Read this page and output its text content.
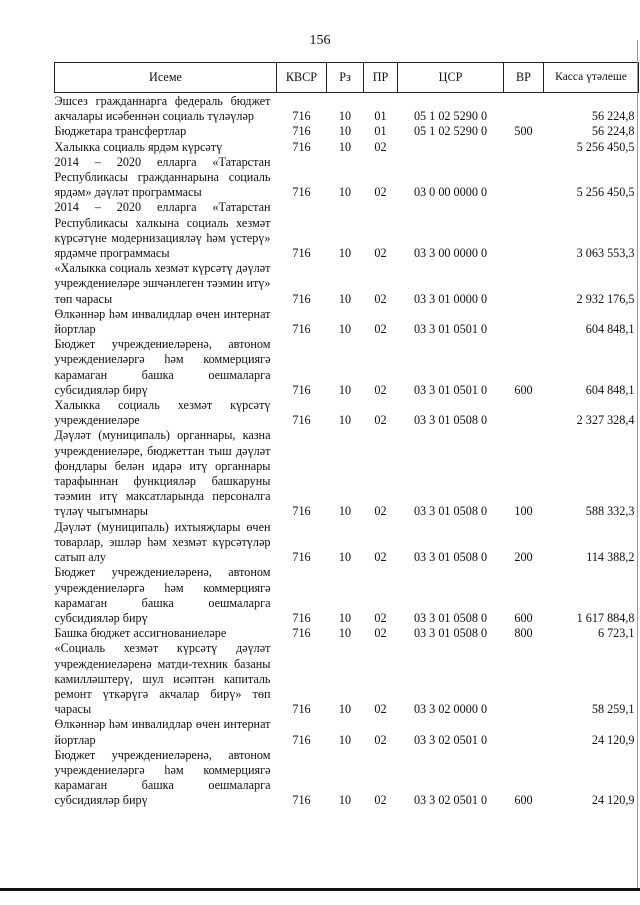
156
Исеме	КВСР	Рз	ПР	ЦСР	ВР	Касса үтәлеше
Эшсез гражданнарга федераль бюджет акчалары исәбеннән социаль түләүләр	716	10	01	05 1 02 5290 0		56 224,8
Бюджетара трансфертлар	716	10	01	05 1 02 5290 0	500	56 224,8
Халыкка социаль ярдәм күрсәтү	716	10	02			5 256 450,5
2014 – 2020 елларга «Татарстан Республикасы гражданнарына социаль ярдәм» дәүләт программасы	716	10	02	03 0 00 0000 0		5 256 450,5
2014 – 2020 елларга «Татарстан Республикасы халкына социаль хезмәт күрсәтүне модернизацияләү һәм үстерү» ярдәмче программасы	716	10	02	03 3 00 0000 0		3 063 553,3
«Халыкка социаль хезмәт күрсәтү дәүләт учреждениеләре эшчәнлеген тәэмин итү» төп чарасы	716	10	02	03 3 01 0000 0		2 932 176,5
Өлкәннәр һәм инвалидлар өчен интернат йортлар	716	10	02	03 3 01 0501 0		604 848,1
Бюджет учреждениеләренә, автоном учреждениеләргә һәм коммерциягә карамаган башка оешмаларга субсидияләр бирү	716	10	02	03 3 01 0501 0	600	604 848,1
Халыкка социаль хезмәт күрсәтү учреждениеләре	716	10	02	03 3 01 0508 0		2 327 328,4
Дәүләт (муниципаль) органнары, казна учреждениеләре, бюджеттан тыш дәүләт фондлары белән идарә итү органнары тарафыннан функцияләр башкаруны тәэмин итү максатларында персоналга түләү чыгымнары	716	10	02	03 3 01 0508 0	100	588 332,3
Дәүләт (муниципаль) ихтыяҗлары өчен товарлар, эшләр һәм хезмәт күрсәтүләр сатып алу	716	10	02	03 3 01 0508 0	200	114 388,2
Бюджет учреждениеләренә, автоном учреждениеләргә һәм коммерциягә карамаган башка оешмаларга субсидияләр бирү	716	10	02	03 3 01 0508 0	600	1 617 884,8
Башка бюджет ассигнованиеләре	716	10	02	03 3 01 0508 0	800	6 723,1
«Социаль хезмәт күрсәтү дәүләт учреждениеләренә матди-техник базаны камилләштерү, шул исәптән капиталь ремонт үткәрүгә акчалар бирү» төп чарасы	716	10	02	03 3 02 0000 0		58 259,1
Өлкәннәр һәм инвалидлар өчен интернат йортлар	716	10	02	03 3 02 0501 0		24 120,9
Бюджет учреждениеләренә, автоном учреждениеләргә һәм коммерциягә карамаган башка оешмаларга субсидияләр бирү	716	10	02	03 3 02 0501 0	600	24 120,9
